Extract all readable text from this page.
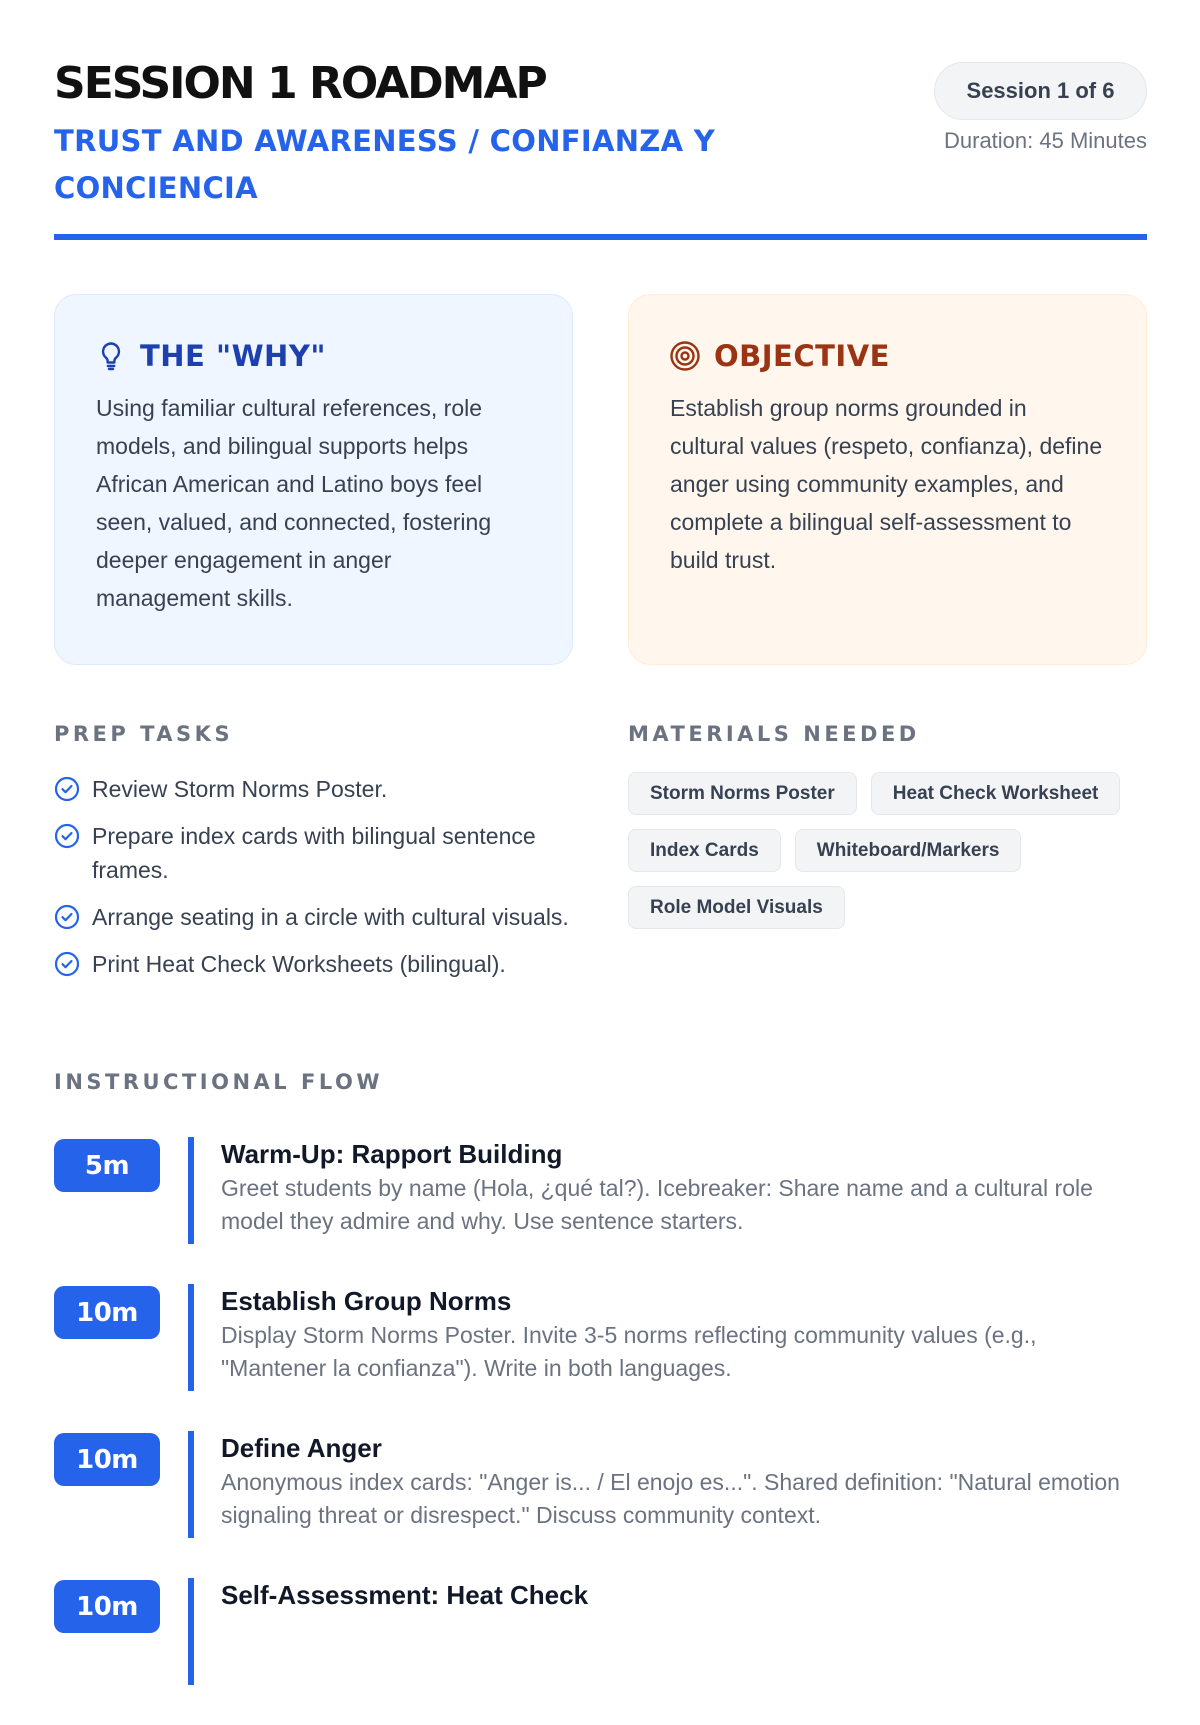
SESSION 1 ROADMAP
TRUST AND AWARENESS / CONFIANZA Y CONCIENCIA
Session 1 of 6
Duration: 45 Minutes
THE "WHY"
Using familiar cultural references, role models, and bilingual supports helps African American and Latino boys feel seen, valued, and connected, fostering deeper engagement in anger management skills.
OBJECTIVE
Establish group norms grounded in cultural values (respeto, confianza), define anger using community examples, and complete a bilingual self-assessment to build trust.
PREP TASKS
Review Storm Norms Poster.
Prepare index cards with bilingual sentence frames.
Arrange seating in a circle with cultural visuals.
Print Heat Check Worksheets (bilingual).
MATERIALS NEEDED
Storm Norms Poster	Heat Check Worksheet
Index Cards	Whiteboard/Markers
Role Model Visuals
INSTRUCTIONAL FLOW
5m	Warm-Up: Rapport Building
Greet students by name (Hola, ¿qué tal?). Icebreaker: Share name and a cultural role model they admire and why. Use sentence starters.
10m	Establish Group Norms
Display Storm Norms Poster. Invite 3-5 norms reflecting community values (e.g., "Mantener la confianza"). Write in both languages.
10m	Define Anger
Anonymous index cards: "Anger is... / El enojo es...". Shared definition: "Natural emotion signaling threat or disrespect." Discuss community context.
10m	Self-Assessment: Heat Check
